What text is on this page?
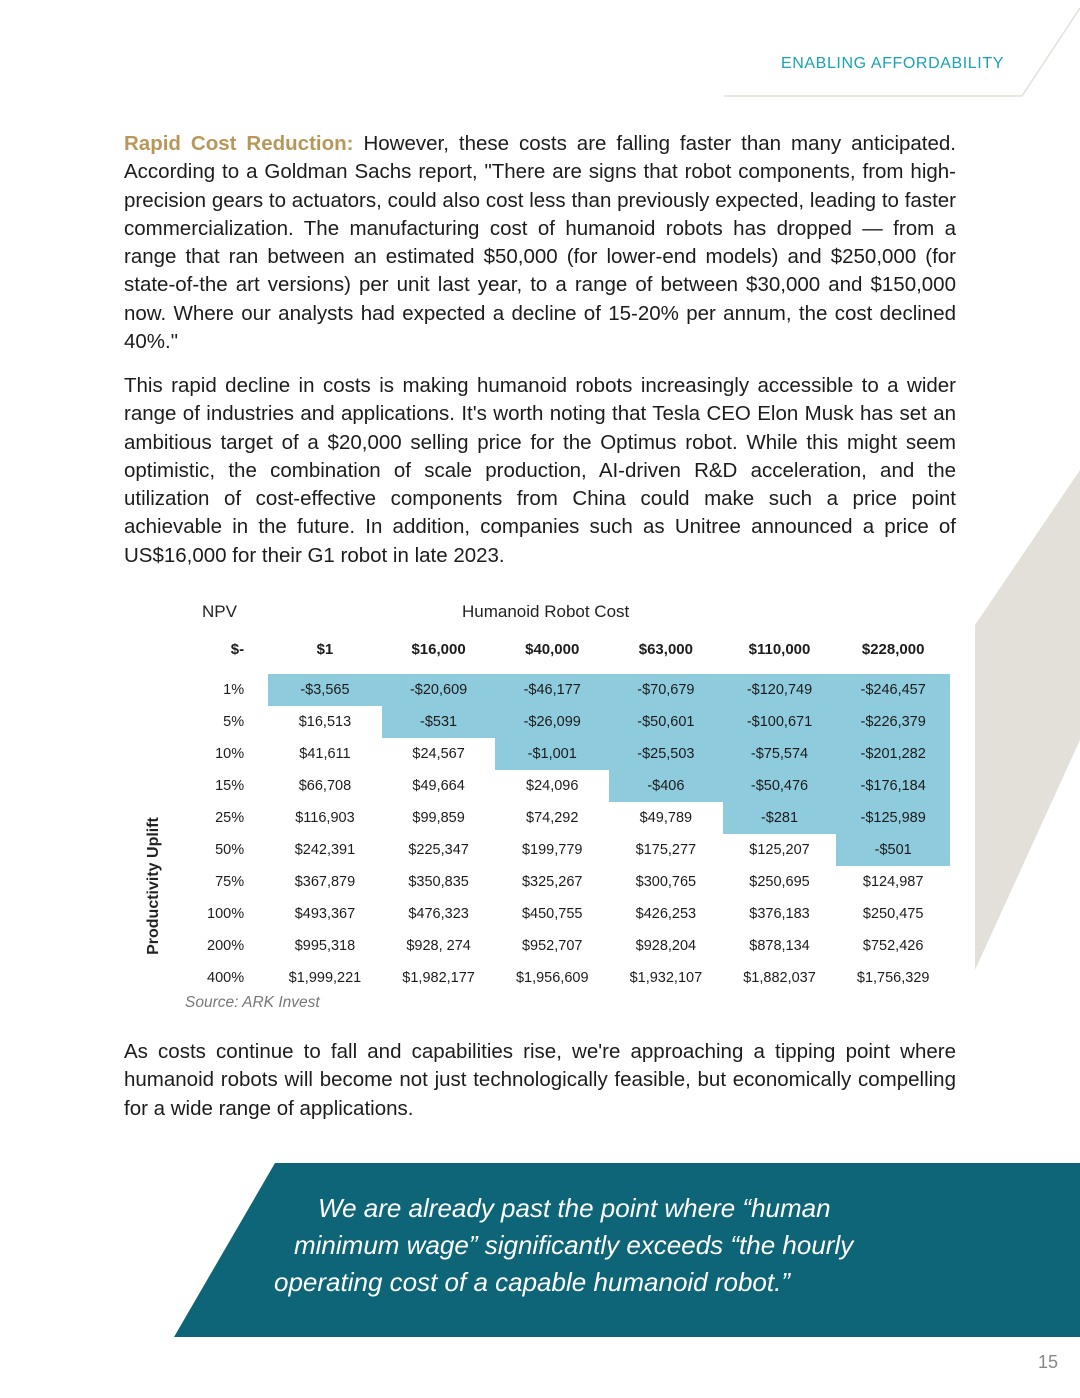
ENABLING AFFORDABILITY
Rapid Cost Reduction: However, these costs are falling faster than many anticipated. According to a Goldman Sachs report, "There are signs that robot components, from high-precision gears to actuators, could also cost less than previously expected, leading to faster commercialization. The manufacturing cost of humanoid robots has dropped — from a range that ran between an estimated $50,000 (for lower-end models) and $250,000 (for state-of-the art versions) per unit last year, to a range of between $30,000 and $150,000 now. Where our analysts had expected a decline of 15-20% per annum, the cost declined 40%."
This rapid decline in costs is making humanoid robots increasingly accessible to a wider range of industries and applications. It's worth noting that Tesla CEO Elon Musk has set an ambitious target of a $20,000 selling price for the Optimus robot. While this might seem optimistic, the combination of scale production, AI-driven R&D acceleration, and the utilization of cost-effective components from China could make such a price point achievable in the future. In addition, companies such as Unitree announced a price of US$16,000 for their G1 robot in late 2023.
NPV	Humanoid Robot Cost
Productivity Uplift
$-	$1	$16,000	$40,000	$63,000	$110,000	$228,000

1%	-$3,565	-$20,609	-$46,177	-$70,679	-$120,749	-$246,457
5%	$16,513	-$531	-$26,099	-$50,601	-$100,671	-$226,379
10%	$41,611	$24,567	-$1,001	-$25,503	-$75,574	-$201,282
15%	$66,708	$49,664	$24,096	-$406	-$50,476	-$176,184
25%	$116,903	$99,859	$74,292	$49,789	-$281	-$125,989
50%	$242,391	$225,347	$199,779	$175,277	$125,207	-$501
75%	$367,879	$350,835	$325,267	$300,765	$250,695	$124,987
100%	$493,367	$476,323	$450,755	$426,253	$376,183	$250,475
200%	$995,318	$928, 274	$952,707	$928,204	$878,134	$752,426
400%	$1,999,221	$1,982,177	$1,956,609	$1,932,107	$1,882,037	$1,756,329
Source: ARK Invest
As costs continue to fall and capabilities rise, we're approaching a tipping point where humanoid robots will become not just technologically feasible, but economically compelling for a wide range of applications.
We are already past the point where “human
minimum wage” significantly exceeds “the hourly
operating cost of a capable humanoid robot.”
15
